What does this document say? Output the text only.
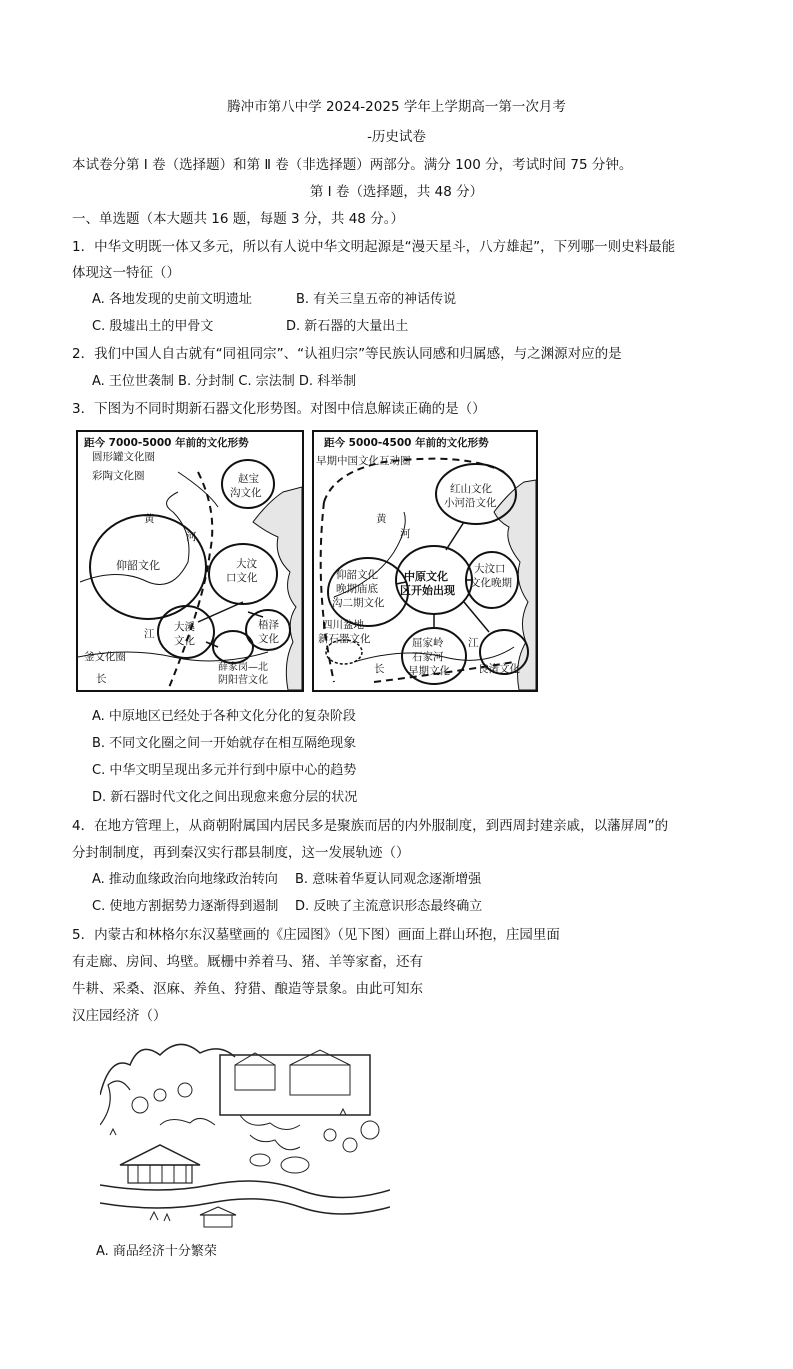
腾冲市第八中学 2024-2025 学年上学期高一第一次月考
-历史试卷
本试卷分第 Ⅰ 卷（选择题）和第 Ⅱ 卷（非选择题）两部分。满分 100 分，考试时间 75 分钟。
第 Ⅰ 卷（选择题，共 48 分）
一、单选题（本大题共 16 题，每题 3 分，共 48 分。）
1．中华文明既一体又多元，所以有人说中华文明起源是“漫天星斗，八方雄起”，下列哪一则史料最能
体现这一特征（）
A. 各地发现的史前文明遗址	B. 有关三皇五帝的神话传说
C. 殷墟出土的甲骨文	D. 新石器的大量出土
2．我们中国人自古就有“同祖同宗”、“认祖归宗”等民族认同感和归属感，与之渊源对应的是
A. 王位世袭制 B. 分封制 C. 宗法制 D. 科举制
3．下图为不同时期新石器文化形势图。对图中信息解读正确的是（）
距今 7000-5000 年前的文化形势
圆形罐文化圈
彩陶文化圈	赵宝
沟文化
黄
河
仰韶文化	大汶
口文化
江
大溪
文化
梧泽
文化
釜文化圈
薛家岗—北
阴阳营文化
长
距今 5000-4500 年前的文化形势
早期中国文化互动圈
红山文化
小河沿文化
黄
河
仰韶文化
晚期庙底
沟二期文化
中原文化
区开始出现
大汶口
文化晚期
四川盆地
新石器文化	屈家岭
石家河
早期文化
江
长	良渚文化
A. 中原地区已经处于各种文化分化的复杂阶段
B. 不同文化圈之间一开始就存在相互隔绝现象
C. 中华文明呈现出多元并行到中原中心的趋势
D. 新石器时代文化之间出现愈来愈分层的状况
4．在地方管理上，从商朝附属国内居民多是聚族而居的内外服制度，到西周封建亲戚，以藩屏周”的
分封制制度，再到秦汉实行郡县制度，这一发展轨迹（）
A. 推动血缘政治向地缘政治转向 B. 意味着华夏认同观念逐渐增强
C. 使地方割据势力逐渐得到遏制 D. 反映了主流意识形态最终确立
5．内蒙古和林格尔东汉墓壁画的《庄园图》（见下图）画面上群山环抱，庄园里面
有走廊、房间、坞壁。厩栅中养着马、猪、羊等家畜，还有
牛耕、采桑、沤麻、养鱼、狩猎、酿造等景象。由此可知东
汉庄园经济（）
A. 商品经济十分繁荣
